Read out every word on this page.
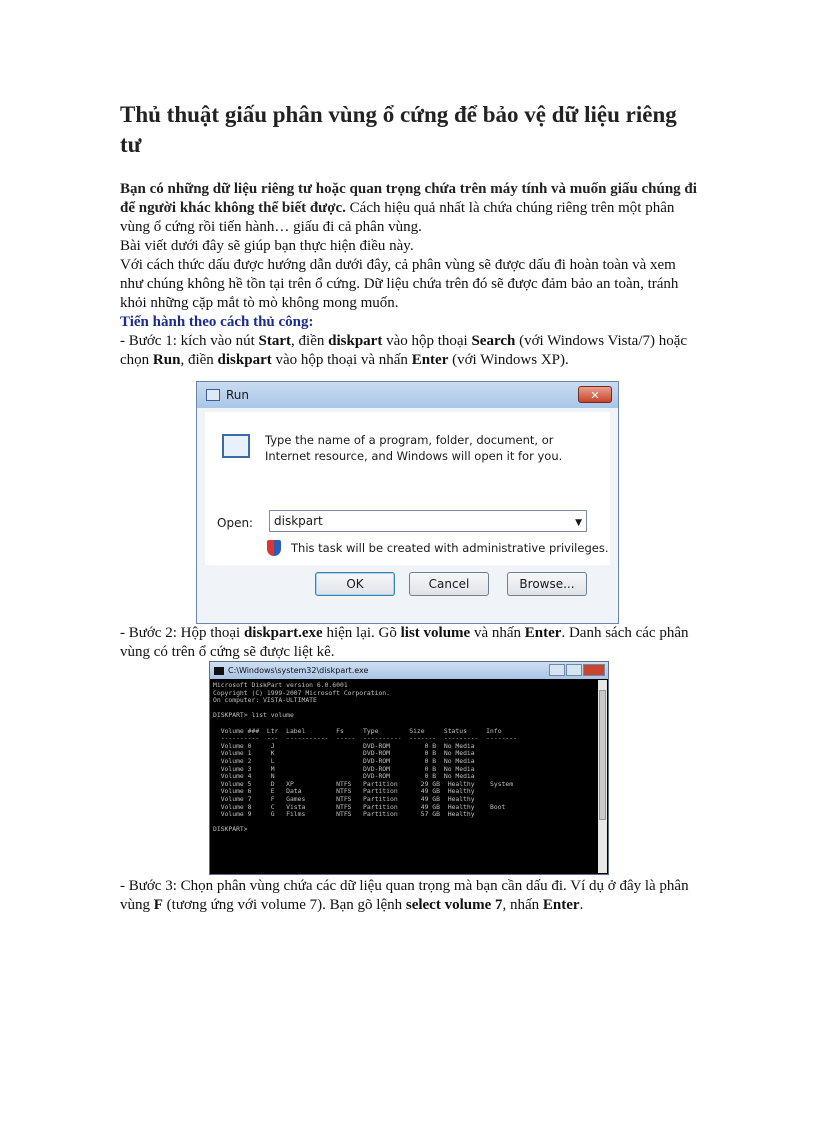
Thủ thuật giấu phân vùng ổ cứng để bảo vệ dữ liệu riêng tư

Bạn có những dữ liệu riêng tư hoặc quan trọng chứa trên máy tính và muốn giấu chúng đi để người khác không thể biết được. Cách hiệu quả nhất là chứa chúng riêng trên một phân vùng ổ cứng rồi tiến hành… giấu đi cả phân vùng.

Bài viết dưới đây sẽ giúp bạn thực hiện điều này.

Với cách thức dấu được hướng dẫn dưới đây, cả phân vùng sẽ được dấu đi hoàn toàn và xem như chúng không hề tồn tại trên ổ cứng. Dữ liệu chứa trên đó sẽ được đảm bảo an toàn, tránh khỏi những cặp mắt tò mò không mong muốn.

Tiến hành theo cách thủ công:

- Bước 1: kích vào nút Start, điền diskpart vào hộp thoại Search (với Windows Vista/7) hoặc chọn Run, điền diskpart vào hộp thoại và nhấn Enter (với Windows XP).

Run	✕
Type the name of a program, folder, document, or Internet resource, and Windows will open it for you.
Open:	diskpart	▼
This task will be created with administrative privileges.
OK	Cancel	Browse...

- Bước 2: Hộp thoại diskpart.exe hiện lại. Gõ list volume và nhấn Enter. Danh sách các phân vùng có trên ổ cứng sẽ được liệt kê.

C:\Windows\system32\diskpart.exe
Microsoft DiskPart version 6.0.6001
Copyright (C) 1999-2007 Microsoft Corporation.
On computer: VISTA-ULTIMATE

DISKPART> list volume

Volume ###  Ltr  Label        Fs     Type        Size     Status     Info
----------  ---  -----------  -----  ----------  -------  ---------  --------
Volume 0     J                       DVD-ROM         0 B  No Media
Volume 1     K                       DVD-ROM         0 B  No Media
Volume 2     L                       DVD-ROM         0 B  No Media
Volume 3     M                       DVD-ROM         0 B  No Media
Volume 4     N                       DVD-ROM         0 B  No Media
Volume 5     D   XP           NTFS   Partition      29 GB  Healthy    System
Volume 6     E   Data         NTFS   Partition      49 GB  Healthy
Volume 7     F   Games        NTFS   Partition      49 GB  Healthy
Volume 8     C   Vista        NTFS   Partition      49 GB  Healthy    Boot
Volume 9     G   Films        NTFS   Partition      57 GB  Healthy

DISKPART>

- Bước 3: Chọn phân vùng chứa các dữ liệu quan trọng mà bạn cần dấu đi. Ví dụ ở đây là phân vùng F (tương ứng với volume 7). Bạn gõ lệnh select volume 7, nhấn Enter.
